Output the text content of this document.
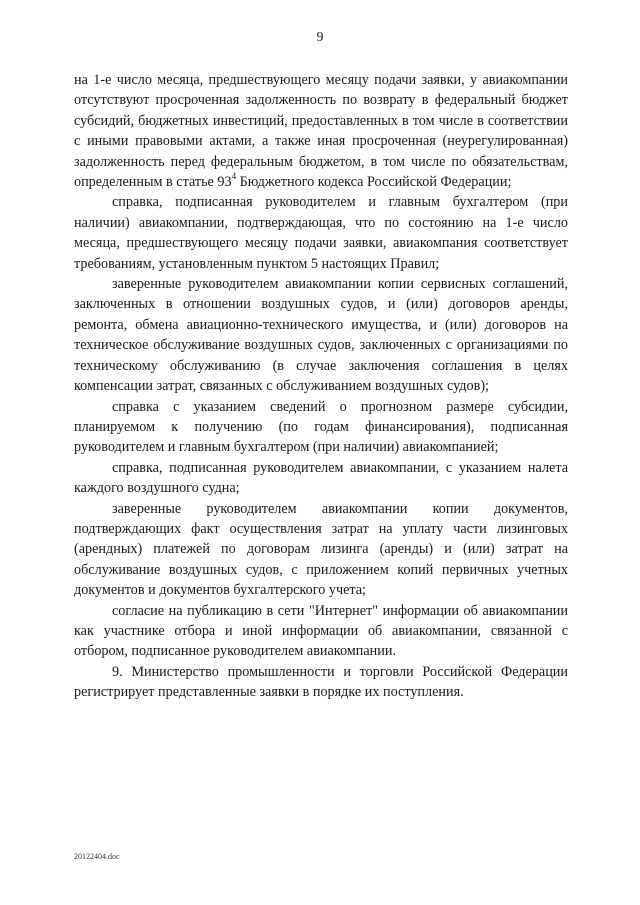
9

на 1-е число месяца, предшествующего месяцу подачи заявки, у авиакомпании отсутствуют просроченная задолженность по возврату в федеральный бюджет субсидий, бюджетных инвестиций, предоставленных в том числе в соответствии с иными правовыми актами, а также иная просроченная (неурегулированная) задолженность перед федеральным бюджетом, в том числе по обязательствам, определенным в статье $93^4$ Бюджетного кодекса Российской Федерации;

справка, подписанная руководителем и главным бухгалтером (при наличии) авиакомпании, подтверждающая, что по состоянию на 1-е число месяца, предшествующего месяцу подачи заявки, авиакомпания соответствует требованиям, установленным пунктом 5 настоящих Правил;

заверенные руководителем авиакомпании копии сервисных соглашений, заключенных в отношении воздушных судов, и (или) договоров аренды, ремонта, обмена авиационно-технического имущества, и (или) договоров на техническое обслуживание воздушных судов, заключенных с организациями по техническому обслуживанию (в случае заключения соглашения в целях компенсации затрат, связанных с обслуживанием воздушных судов);

справка с указанием сведений о прогнозном размере субсидии, планируемом к получению (по годам финансирования), подписанная руководителем и главным бухгалтером (при наличии) авиакомпанией;

справка, подписанная руководителем авиакомпании, с указанием налета каждого воздушного судна;

заверенные руководителем авиакомпании копии документов, подтверждающих факт осуществления затрат на уплату части лизинговых (арендных) платежей по договорам лизинга (аренды) и (или) затрат на обслуживание воздушных судов, с приложением копий первичных учетных документов и документов бухгалтерского учета;

согласие на публикацию в сети "Интернет" информации об авиакомпании как участнике отбора и иной информации об авиакомпании, связанной с отбором, подписанное руководителем авиакомпании.

9. Министерство промышленности и торговли Российской Федерации регистрирует представленные заявки в порядке их поступления.

20122404.doc
